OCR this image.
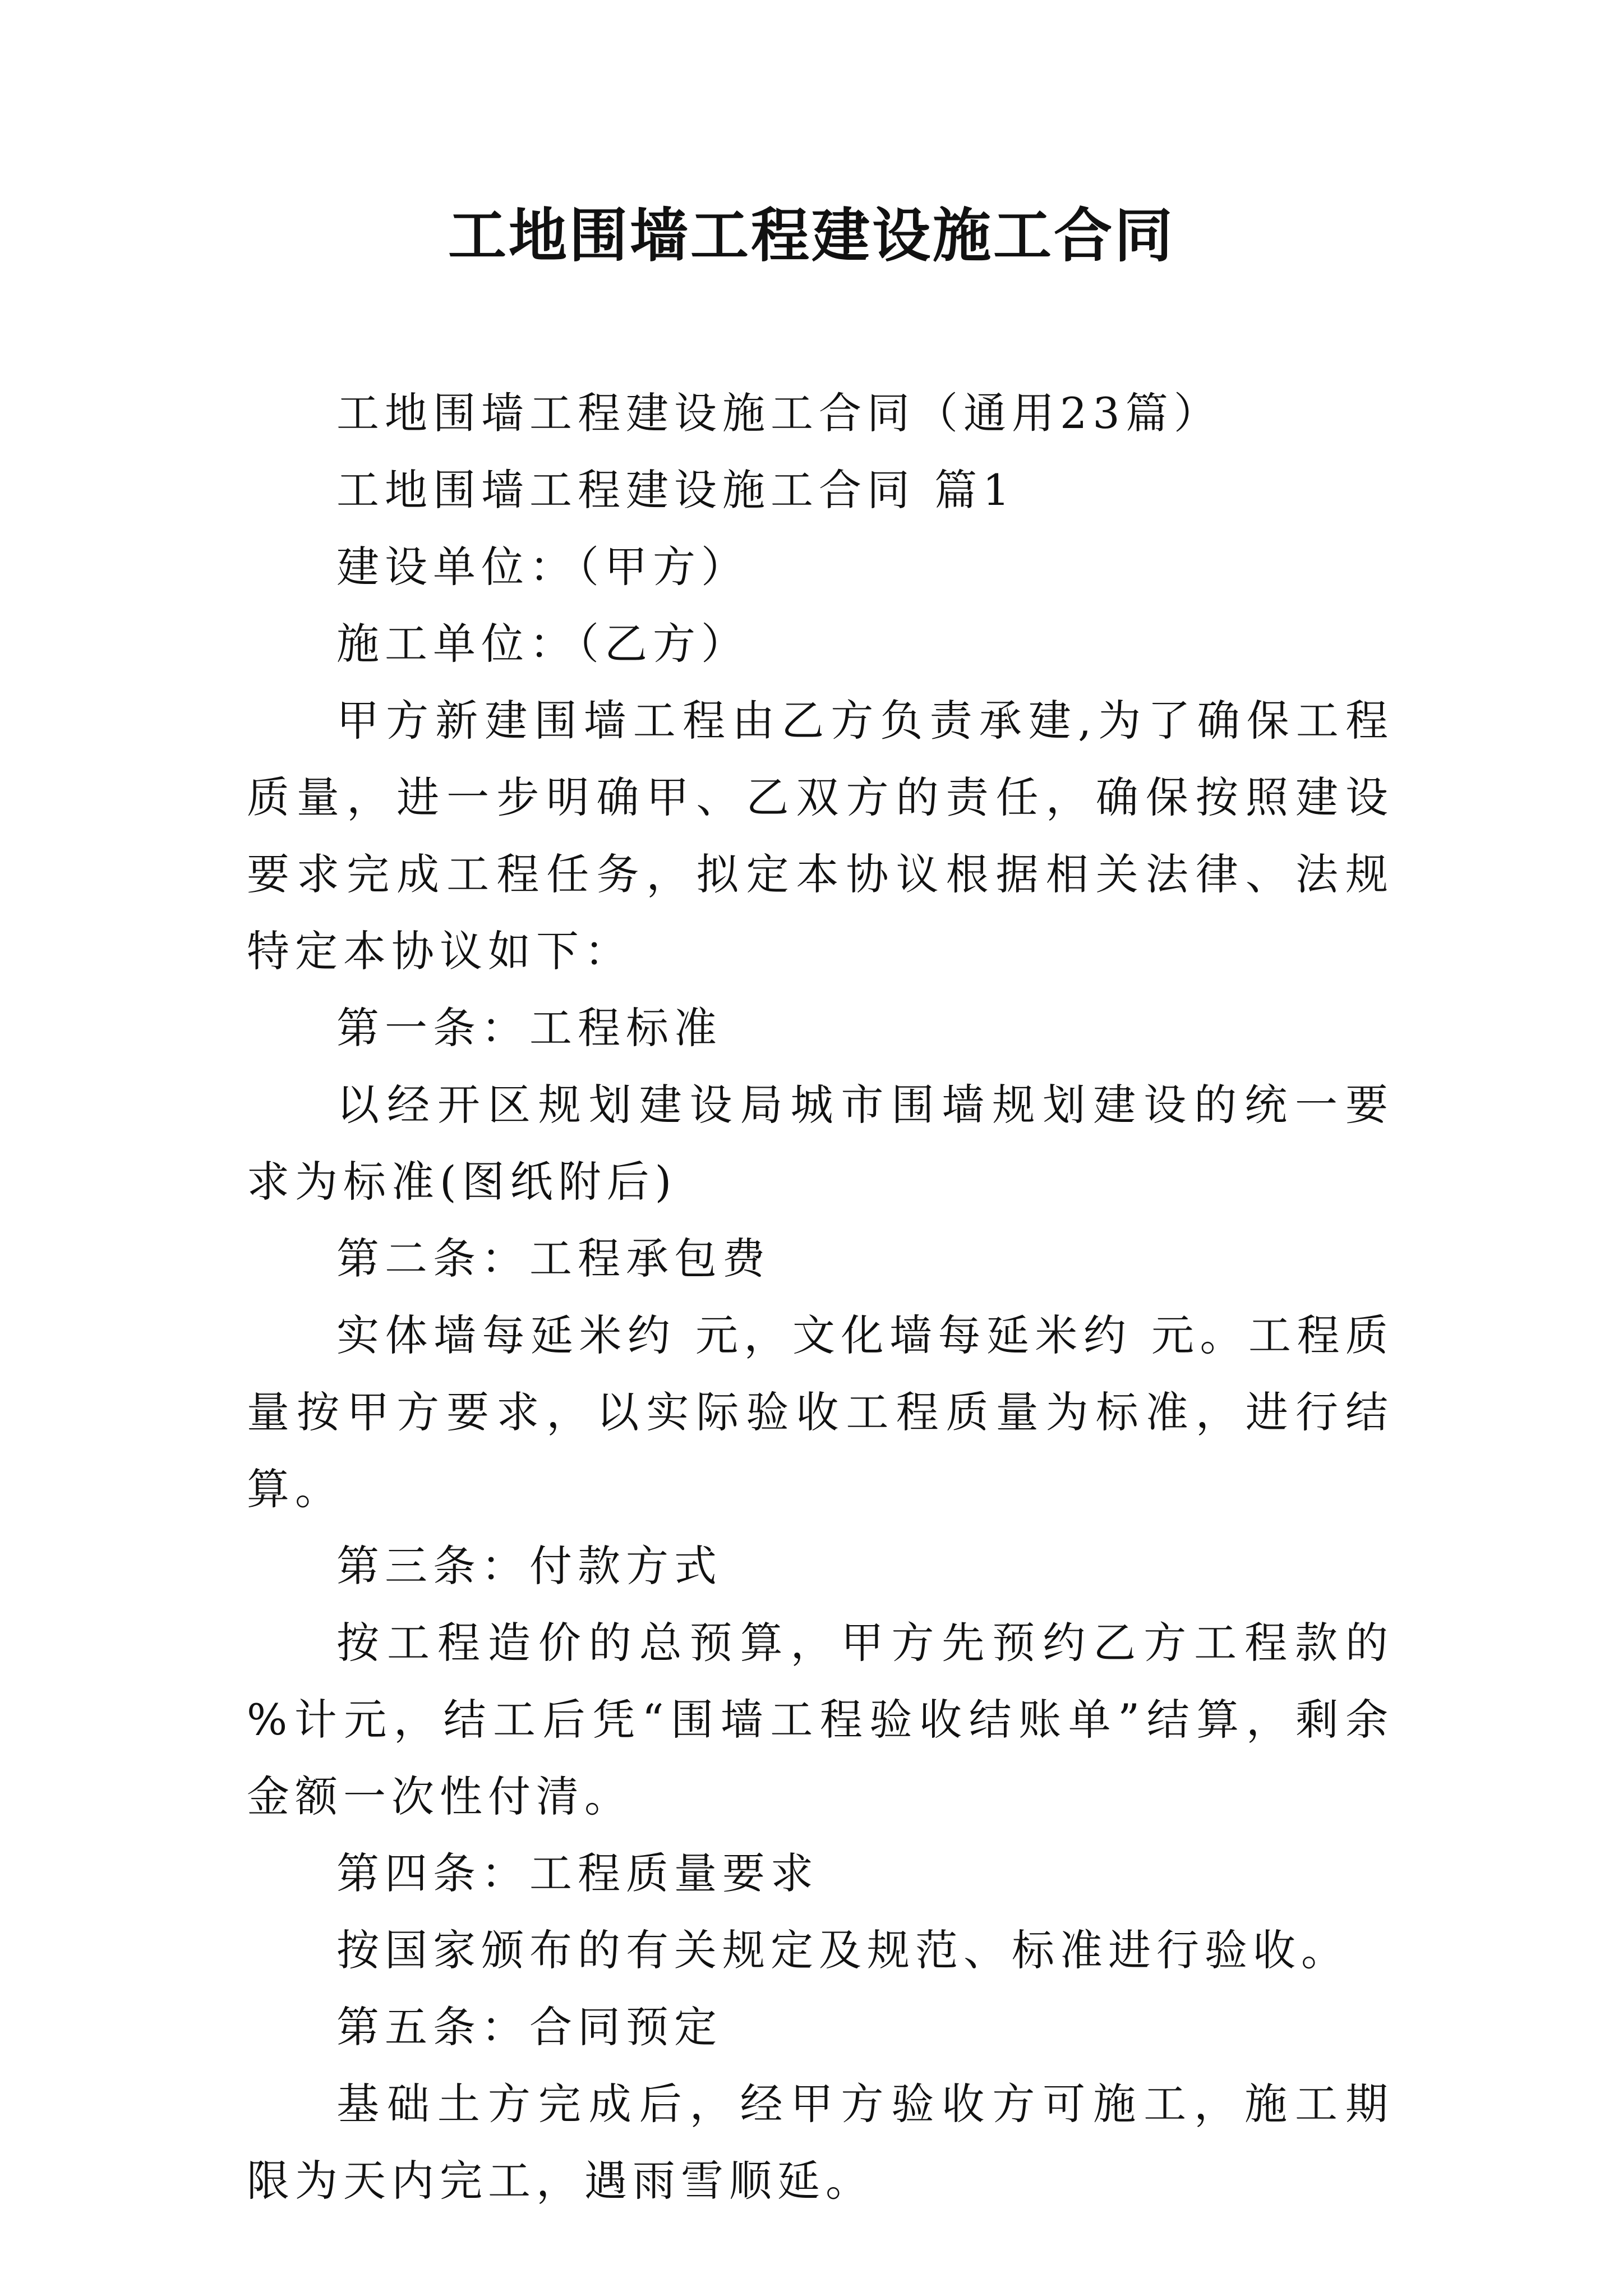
工地围墙工程建设施工合同

工地围墙工程建设施工合同（通用23篇）

工地围墙工程建设施工合同 篇1

建设单位：（甲方）

施工单位：（乙方）

甲方新建围墙工程由乙方负责承建,为了确保工程质量，进一步明确甲、乙双方的责任，确保按照建设要求完成工程任务，拟定本协议根据相关法律、法规特定本协议如下：

第一条：工程标准

以经开区规划建设局城市围墙规划建设的统一要求为标准(图纸附后)

第二条：工程承包费

实体墙每延米约 元，文化墙每延米约 元。工程质量按甲方要求，以实际验收工程质量为标准，进行结算。

第三条：付款方式

按工程造价的总预算，甲方先预约乙方工程款的 %计元，结工后凭“围墙工程验收结账单”结算，剩余金额一次性付清。

第四条：工程质量要求

按国家颁布的有关规定及规范、标准进行验收。

第五条：合同预定

基础土方完成后，经甲方验收方可施工，施工期限为天内完工，遇雨雪顺延。
